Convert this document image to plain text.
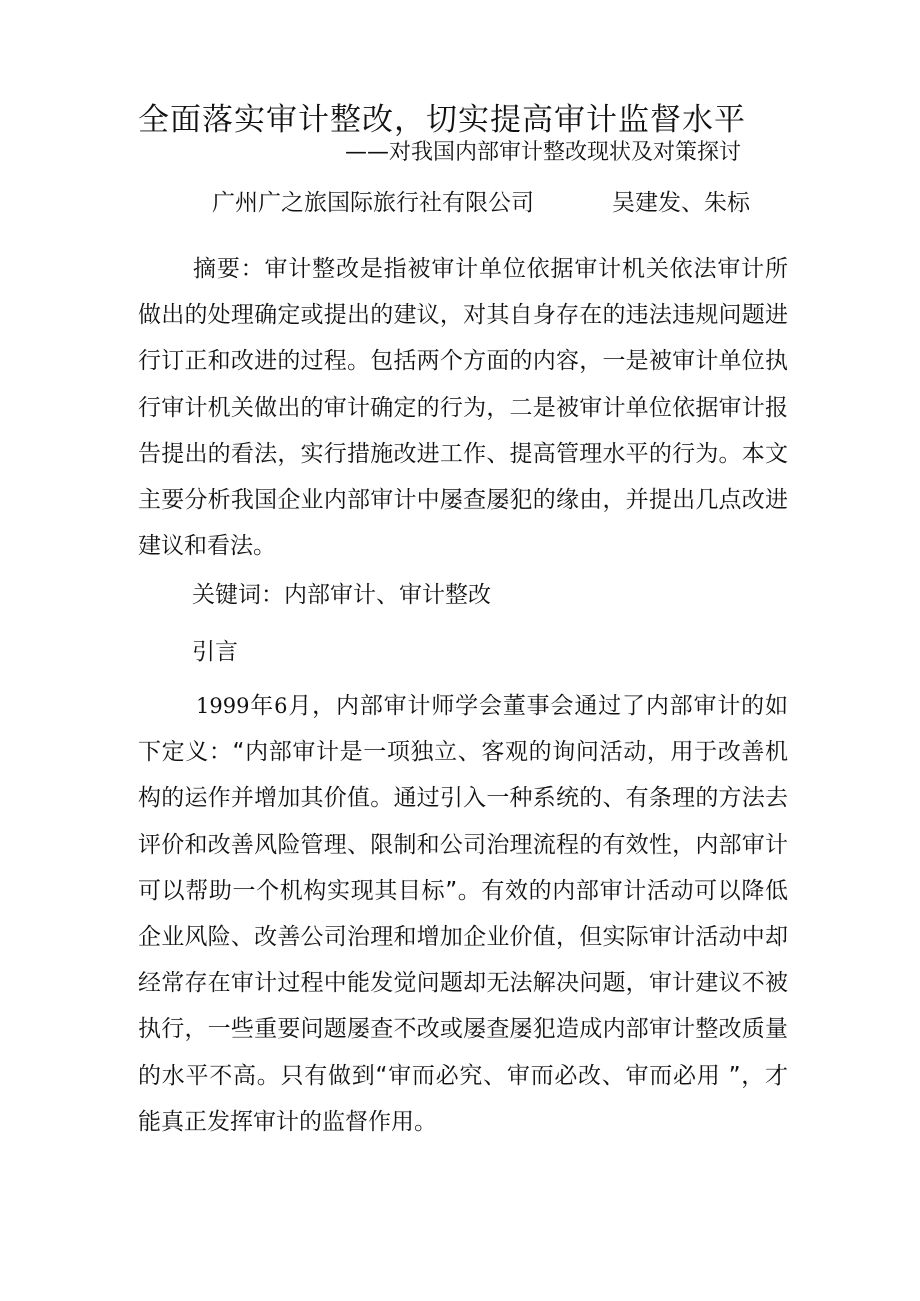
全面落实审计整改，切实提高审计监督水平
——对我国内部审计整改现状及对策探讨
广州广之旅国际旅行社有限公司	吴建发、朱标

摘要：审计整改是指被审计单位依据审计机关依法审计所做出的处理确定或提出的建议，对其自身存在的违法违规问题进行订正和改进的过程。包括两个方面的内容，一是被审计单位执行审计机关做出的审计确定的行为，二是被审计单位依据审计报告提出的看法，实行措施改进工作、提高管理水平的行为。本文主要分析我国企业内部审计中屡查屡犯的缘由，并提出几点改进建议和看法。

关键词：内部审计、审计整改
引言

1999年6月，内部审计师学会董事会通过了内部审计的如下定义：“内部审计是一项独立、客观的询问活动，用于改善机构的运作并增加其价值。通过引入一种系统的、有条理的方法去评价和改善风险管理、限制和公司治理流程的有效性，内部审计可以帮助一个机构实现其目标”。有效的内部审计活动可以降低企业风险、改善公司治理和增加企业价值，但实际审计活动中却经常存在审计过程中能发觉问题却无法解决问题，审计建议不被执行，一些重要问题屡查不改或屡查屡犯造成内部审计整改质量的水平不高。只有做到“审而必究、审而必改、审而必用 ”，才能真正发挥审计的监督作用。
